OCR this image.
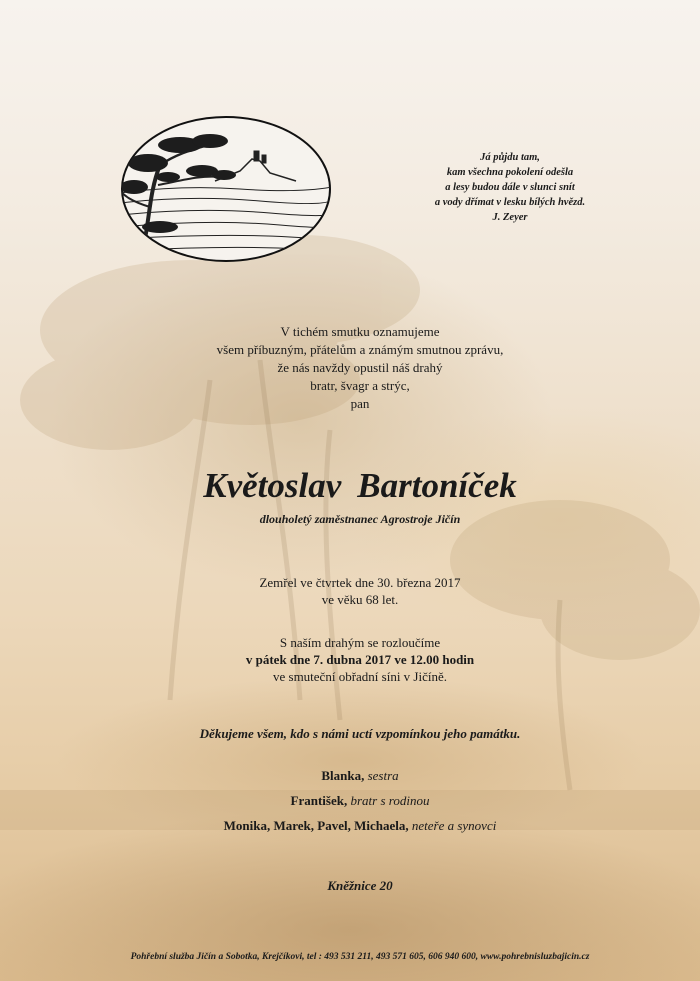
Já půjdu tam,
kam všechna pokolení odešla
a lesy budou dále v slunci snít
a vody dřímat v lesku bílých hvězd.
J. Zeyer
V tichém smutku oznamujeme
všem příbuzným, přátelům a známým smutnou zprávu,
že nás navždy opustil náš drahý
bratr, švagr a strýc,
pan
Květoslav Bartoníček
dlouholetý zaměstnanec Agrostroje Jičín
Zemřel ve čtvrtek dne 30. března 2017
ve věku 68 let.
S naším drahým se rozloučíme
v pátek dne 7. dubna 2017 ve 12.00 hodin
ve smuteční obřadní síni v Jičíně.
Děkujeme všem, kdo s námi uctí vzpomínkou jeho památku.
Blanka, sestra
František, bratr s rodinou
Monika, Marek, Pavel, Michaela, neteře a synovci
Kněžnice 20
Pohřební služba Jičín a Sobotka, Krejčíkovi, tel : 493 531 211, 493 571 605, 606 940 600, www.pohrebnisluzbajicin.cz
